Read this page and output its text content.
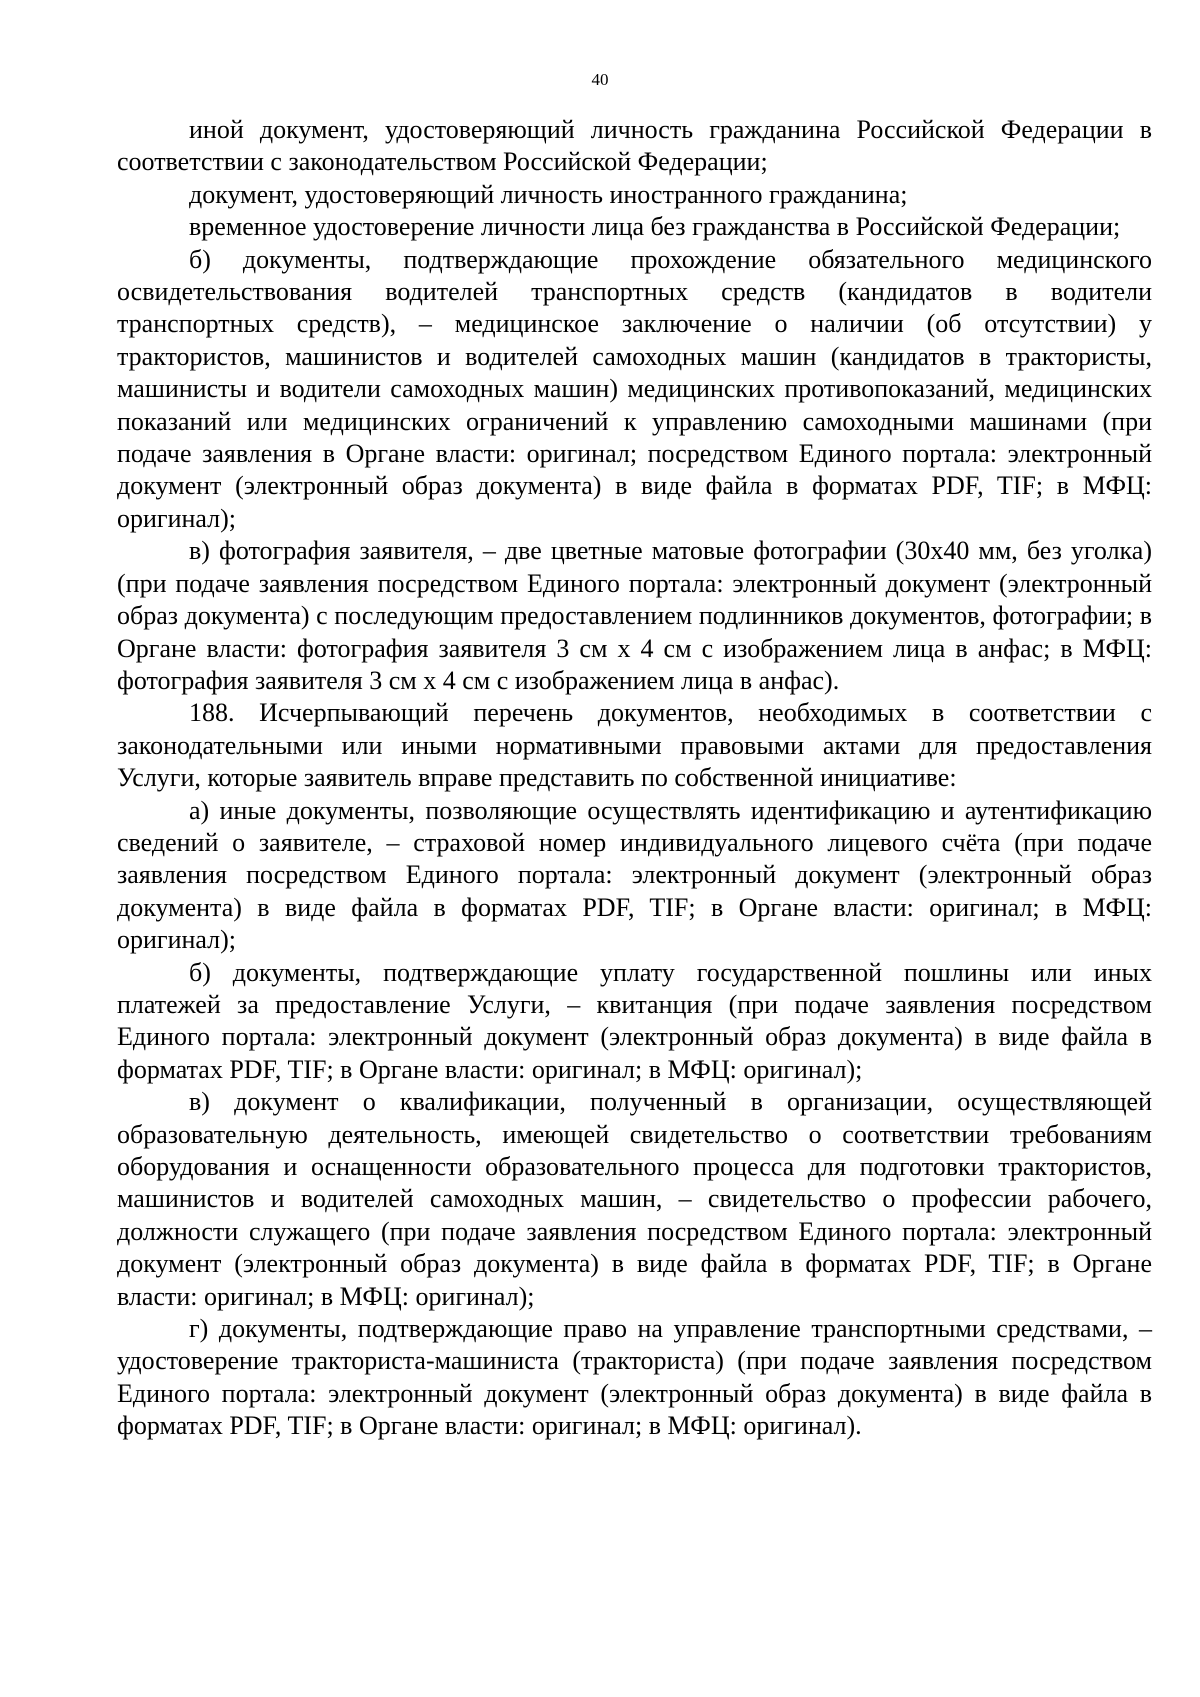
40

иной документ, удостоверяющий личность гражданина Российской Федерации в соответствии с законодательством Российской Федерации;

документ, удостоверяющий личность иностранного гражданина;

временное удостоверение личности лица без гражданства в Российской Федерации;

б) документы, подтверждающие прохождение обязательного медицинского освидетельствования водителей транспортных средств (кандидатов в водители транспортных средств), – медицинское заключение о наличии (об отсутствии) у трактористов, машинистов и водителей самоходных машин (кандидатов в трактористы, машинисты и водители самоходных машин) медицинских противопоказаний, медицинских показаний или медицинских ограничений к управлению самоходными машинами (при подаче заявления в Органе власти: оригинал; посредством Единого портала: электронный документ (электронный образ документа) в виде файла в форматах PDF, TIF; в МФЦ: оригинал);

в) фотография заявителя, – две цветные матовые фотографии (30х40 мм, без уголка) (при подаче заявления посредством Единого портала: электронный документ (электронный образ документа) с последующим предоставлением подлинников документов, фотографии; в Органе власти: фотография заявителя 3 см х 4 см с изображением лица в анфас; в МФЦ: фотография заявителя 3 см х 4 см с изображением лица в анфас).

188. Исчерпывающий перечень документов, необходимых в соответствии с законодательными или иными нормативными правовыми актами для предоставления Услуги, которые заявитель вправе представить по собственной инициативе:

а) иные документы, позволяющие осуществлять идентификацию и аутентификацию сведений о заявителе, – страховой номер индивидуального лицевого счёта (при подаче заявления посредством Единого портала: электронный документ (электронный образ документа) в виде файла в форматах PDF, TIF; в Органе власти: оригинал; в МФЦ: оригинал);

б) документы, подтверждающие уплату государственной пошлины или иных платежей за предоставление Услуги, – квитанция (при подаче заявления посредством Единого портала: электронный документ (электронный образ документа) в виде файла в форматах PDF, TIF; в Органе власти: оригинал; в МФЦ: оригинал);

в) документ о квалификации, полученный в организации, осуществляющей образовательную деятельность, имеющей свидетельство о соответствии требованиям оборудования и оснащенности образовательного процесса для подготовки трактористов, машинистов и водителей самоходных машин, – свидетельство о профессии рабочего, должности служащего (при подаче заявления посредством Единого портала: электронный документ (электронный образ документа) в виде файла в форматах PDF, TIF; в Органе власти: оригинал; в МФЦ: оригинал);

г) документы, подтверждающие право на управление транспортными средствами, – удостоверение тракториста-машиниста (тракториста) (при подаче заявления посредством Единого портала: электронный документ (электронный образ документа) в виде файла в форматах PDF, TIF; в Органе власти: оригинал; в МФЦ: оригинал).
